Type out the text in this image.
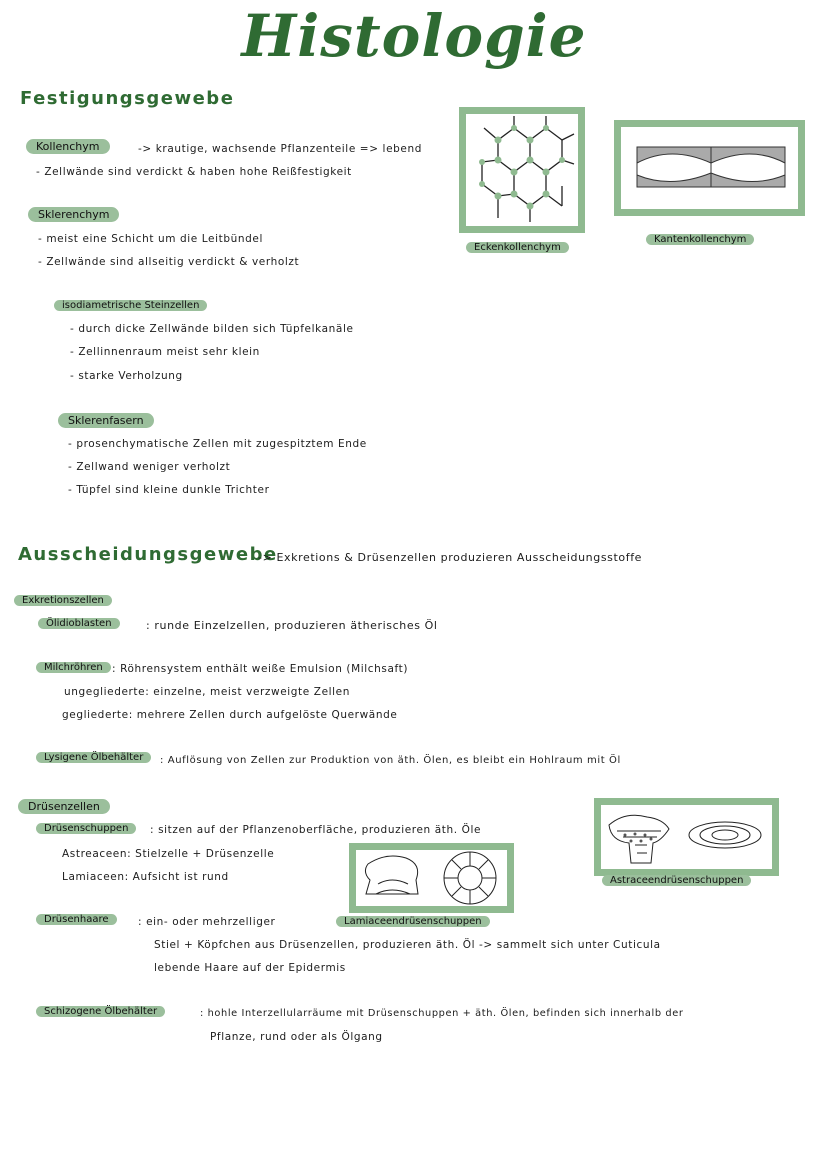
Histologie
Festigungsgewebe
Kollenchym	-> krautige, wachsende Pflanzenteile => lebend
- Zellwände sind verdickt & haben hohe Reißfestigkeit
Sklerenchym
- meist eine Schicht um die Leitbündel
- Zellwände sind allseitig verdickt & verholzt
isodiametrische Steinzellen
- durch dicke Zellwände bilden sich Tüpfelkanäle
- Zellinnenraum meist sehr klein
- starke Verholzung
Sklerenfasern
- prosenchymatische Zellen mit zugespitztem Ende
- Zellwand weniger verholzt
- Tüpfel sind kleine dunkle Trichter
Eckenkollenchym
Kantenkollenchym
Ausscheidungsgewebe
-> Exkretions & Drüsenzellen produzieren Ausscheidungsstoffe
Exkretionszellen
Ölidioblasten	: runde Einzelzellen, produzieren ätherisches Öl
Milchröhren : Röhrensystem enthält weiße Emulsion (Milchsaft)
ungegliederte: einzelne, meist verzweigte Zellen
gegliederte: mehrere Zellen durch aufgelöste Querwände
Lysigene Ölbehälter	: Auflösung von Zellen zur Produktion von äth. Ölen, es bleibt ein Hohlraum mit Öl
Drüsenzellen
Drüsenschuppen	: sitzen auf der Pflanzenoberfläche, produzieren äth. Öle
Astreaceen: Stielzelle + Drüsenzelle
Lamiaceen: Aufsicht ist rund
Drüsenhaare	: ein- oder mehrzelliger
Stiel + Köpfchen aus Drüsenzellen, produzieren äth. Öl -> sammelt sich unter Cuticula
lebende Haare auf der Epidermis
Schizogene Ölbehälter	: hohle Interzellularräume mit Drüsenschuppen + äth. Ölen, befinden sich innerhalb der
Pflanze, rund oder als Ölgang
Lamiaceendrüsenschuppen
Astraceendrüsenschuppen
